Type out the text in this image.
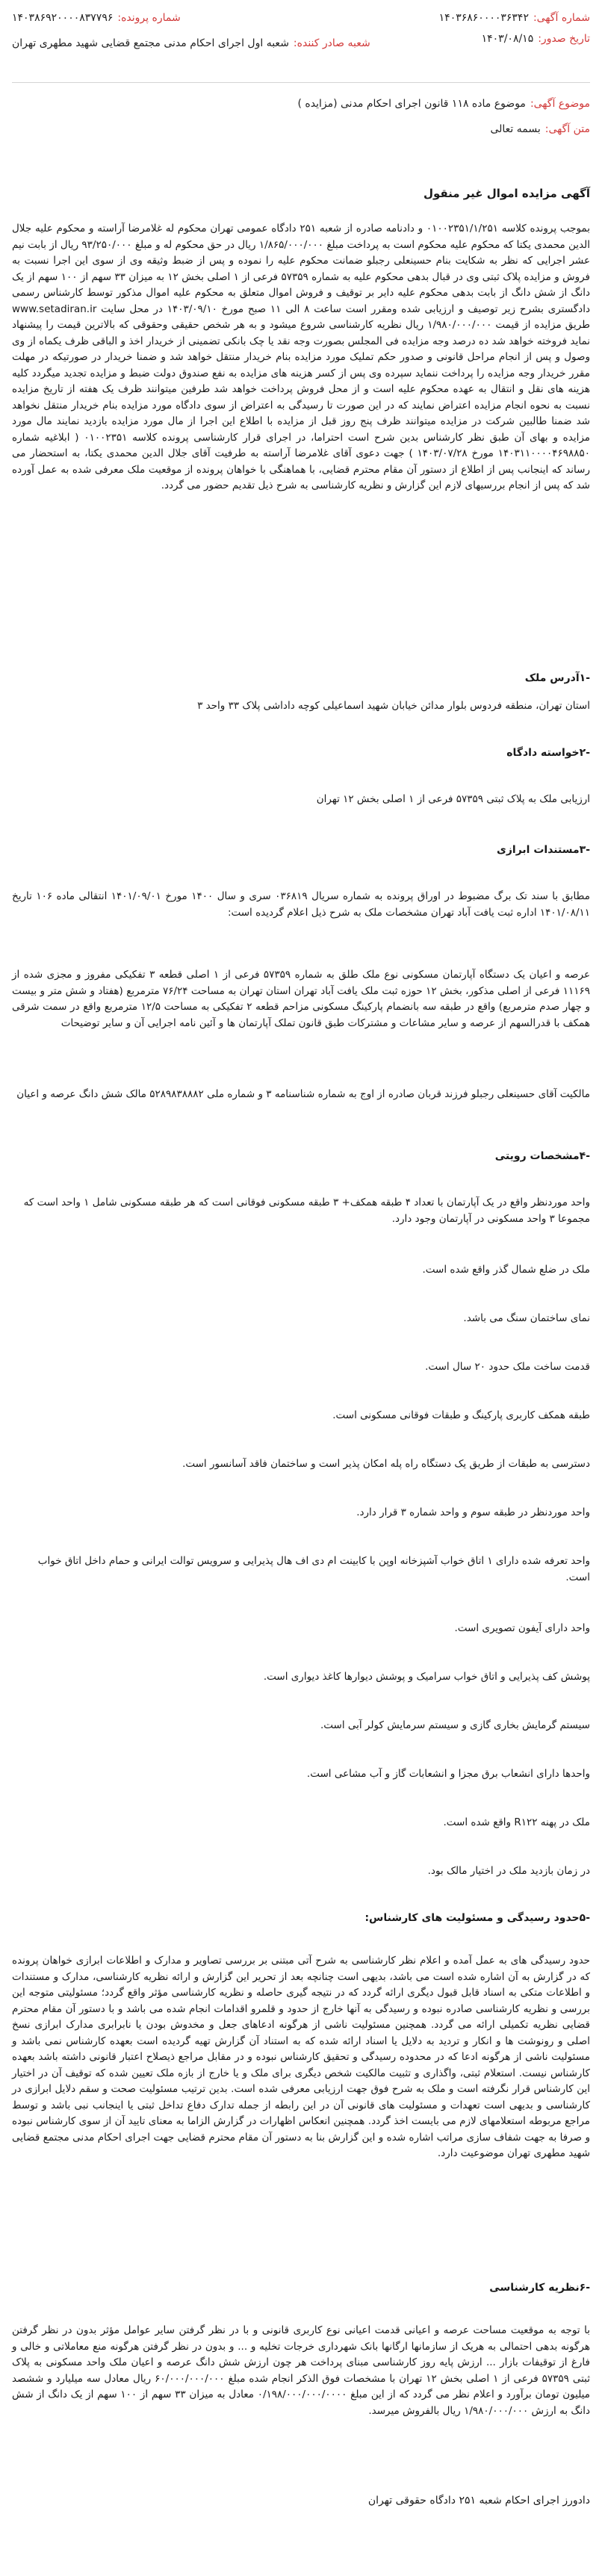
شماره آگهی:
۱۴۰۳۶۸۶۰۰۰۰۳۶۳۴۲
شماره پرونده:
۱۴۰۳۸۶۹۲۰۰۰۰۸۳۷۷۹۶
تاریخ صدور:
۱۴۰۳/۰۸/۱۵
شعبه صادر کننده:
شعبه اول اجرای احکام مدنی مجتمع قضایی شهید مطهری تهران
موضوع آگهی:
موضوع ماده ۱۱۸ قانون اجرای احکام مدنی (مزایده )
متن آگهی:
بسمه تعالی
آگهی مزایده اموال غیر منقول
بموجب پرونده کلاسه ۰۱۰۰۲۳۵۱/۱/۲۵۱ و دادنامه صادره از شعبه ۲۵۱ دادگاه عمومی تهران محکوم له غلامرضا آراسته و محکوم علیه جلال الدین محمدی یکتا که محکوم علیه محکوم است به پرداخت مبلغ ۱/۸۶۵/۰۰۰/۰۰۰ ریال در حق محکوم له و مبلغ ۹۳/۲۵۰/۰۰۰ ریال از بابت نیم عشر اجرایی که نظر به شکایت بنام حسینعلی رجبلو ضمانت محکوم علیه را نموده و پس از ضبط وثیقه وی از سوی این اجرا نسبت به فروش و مزایده پلاک ثبتی وی در قبال بدهی محکوم علیه به شماره ۵۷۳۵۹ فرعی از ۱ اصلی بخش ۱۲ به میزان ۳۳ سهم از ۱۰۰ سهم از یک دانگ از شش دانگ از بابت بدهی محکوم علیه دایر بر توقیف و فروش اموال متعلق به محکوم علیه اموال مذکور توسط کارشناس رسمی دادگستری بشرح زیر توصیف و ارزیابی شده ومقرر است ساعت ۸ الی ۱۱ صبح مورخ ۱۴۰۳/۰۹/۱۰ در محل سایت www.setadiran.ir طریق مزایده از قیمت ۱/۹۸۰/۰۰۰/۰۰۰ ریال نظریه کارشناسی شروع میشود و به هر شخص حقیقی وحقوقی که بالاترین قیمت را پیشنهاد نماید فروخته خواهد شد ده درصد وجه مزایده فی المجلس بصورت وجه نقد یا چک بانکی تضمینی از خریدار اخذ و الباقی ظرف یکماه از وی وصول و پس از انجام مراحل قانونی و صدور حکم تملیک مورد مزایده بنام خریدار منتقل خواهد شد و ضمنا خریدار در صورتیکه در مهلت مقرر خریدار وجه مزایده را پرداخت ننماید سپرده وی پس از کسر هزینه های مزایده به نفع صندوق دولت ضبط و مزایده تجدید میگردد کلیه هزینه های نقل و انتقال به عهده محکوم علیه است و از محل فروش پرداخت خواهد شد طرفین میتوانند ظرف یک هفته از تاریخ مزایده نسبت به نحوه انجام مزایده اعتراض نمایند که در این صورت تا رسیدگی به اعتراض از سوی دادگاه مورد مزایده بنام خریدار منتقل نخواهد شد ضمنا طالبین شرکت در مزایده میتوانند ظرف پنج روز قبل از مزایده با اطلاع این اجرا از مال مورد مزایده بازدید نمایند مال مورد مزایده و بهای آن طبق نظر کارشناس بدین شرح است احتراما، در اجرای قرار کارشناسی پرونده کلاسه ۰۱۰۰۲۳۵۱ ( ابلاغیه شماره ۱۴۰۳۱۱۰۰۰۰۴۶۹۸۸۵۰ مورخ ۱۴۰۳/۰۷/۲۸ ) جهت دعوی آقای غلامرضا آراسته به طرفیت آقای جلال الدین محمدی یکتا، به استحضار می رساند که اینجانب پس از اطلاع از دستور آن مقام محترم قضایی، با هماهنگی با خواهان پرونده از موقعیت ملک معرفی شده به عمل آورده شد که پس از انجام بررسیهای لازم این گزارش و نظریه کارشناسی به شرح ذیل تقدیم حضور می گردد.
-۱آدرس ملک
استان تهران، منطقه فردوس بلوار مدائن خیابان شهید اسماعیلی کوچه داداشی پلاک ۳۳ واحد ۳
-۲خواسته دادگاه
ارزیابی ملک به پلاک ثبتی ۵۷۳۵۹ فرعی از ۱ اصلی بخش ۱۲ تهران
-۳مستندات ابرازی
مطابق با سند تک برگ مضبوط در اوراق پرونده به شماره سریال ۰۳۶۸۱۹ سری و سال ۱۴۰۰ مورخ ۱۴۰۱/۰۹/۰۱ انتقالی ماده ۱۰۶ تاریخ ۱۴۰۱/۰۸/۱۱ اداره ثبت یافت آباد تهران مشخصات ملک به شرح ذیل اعلام گردیده است:
عرصه و اعیان یک دستگاه آپارتمان مسکونی نوع ملک طلق به شماره ۵۷۳۵۹ فرعی از ۱ اصلی قطعه ۳ تفکیکی مفروز و مجزی شده از ۱۱۱۶۹ فرعی از اصلی مذکور، بخش ۱۲ حوزه ثبت ملک یافت آباد تهران استان تهران به مساحت ۷۶/۲۴ مترمربع (هفتاد و شش متر و بیست و چهار صدم مترمربع) واقع در طبقه سه بانضمام پارکینگ مسکونی مزاحم قطعه ۲ تفکیکی به مساحت ۱۲/۵ مترمربع واقع در سمت شرقی همکف با قدرالسهم از عرصه و سایر مشاعات و مشترکات طبق قانون تملک آپارتمان ها و آئین نامه اجرایی آن و سایر توضیحات
مالکیت آقای حسینعلی رجبلو فرزند قربان صادره از اوج به شماره شناسنامه ۳ و شماره ملی ۵۲۸۹۸۳۸۸۸۲ مالک شش دانگ عرصه و اعیان
-۴مشخصات رویتی
واحد موردنظر واقع در یک آپارتمان با تعداد ۴ طبقه همکف+ ۳ طبقه مسکونی فوقانی است که هر طبقه مسکونی شامل ۱ واحد است که مجموعا ۳ واحد مسکونی در آپارتمان وجود دارد.
ملک در ضلع شمال گذر واقع شده است.
نمای ساختمان سنگ می باشد.
قدمت ساخت ملک حدود ۲۰ سال است.
طبقه همکف کاربری پارکینگ و طبقات فوقانی مسکونی است.
دسترسی به طبقات از طریق یک دستگاه راه پله امکان پذیر است و ساختمان فاقد آسانسور است.
واحد موردنظر در طبقه سوم و واحد شماره ۳ قرار دارد.
واحد تعرفه شده دارای ۱ اتاق خواب آشپزخانه اوپن با کابینت ام دی اف هال پذیرایی و سرویس توالت ایرانی و حمام داخل اتاق خواب است.
واحد دارای آیفون تصویری است.
پوشش کف پذیرایی و اتاق خواب سرامیک و پوشش دیوارها کاغذ دیواری است.
سیستم گرمایش بخاری گازی و سیستم سرمایش کولر آبی است.
واحدها دارای انشعاب برق مجزا و انشعابات گاز و آب مشاعی است.
ملک در پهنه R۱۲۲ واقع شده است.
در زمان بازدید ملک در اختیار مالک بود.
-۵حدود رسیدگی و مسئولیت های کارشناس:
حدود رسیدگی های به عمل آمده و اعلام نظر کارشناسی به شرح آتی مبتنی بر بررسی تصاویر و مدارک و اطلاعات ابرازی خواهان پرونده که در گزارش به آن اشاره شده است می باشد، بدیهی است چنانچه بعد از تحریر این گزارش و ارائه نظریه کارشناسی، مدارک و مستندات و اطلاعات متکی به اسناد قابل قبول دیگری ارائه گردد که در نتیجه گیری حاصله و نظریه کارشناسی مؤثر واقع گردد؛ مسئولیتی متوجه این بررسی و نظریه کارشناسی صادره نبوده و رسیدگی به آنها خارج از حدود و قلمرو اقدامات انجام شده می باشد و با دستور آن مقام محترم قضایی نظریه تکمیلی ارائه می گردد. همچنین مسئولیت ناشی از هرگونه ادعاهای جعل و مخدوش بودن یا نابرابری مدارک ابرازی نسخ اصلی و رونوشت ها و انکار و تردید به دلایل یا اسناد ارائه شده که به استناد آن گزارش تهیه گردیده است بعهده کارشناس نمی باشد و مسئولیت ناشی از هرگونه ادعا که در محدوده رسیدگی و تحقیق کارشناس نبوده و در مقابل مراجع ذیصلاح اعتبار قانونی داشته باشد بعهده کارشناس نیست. استعلام ثبتی، واگذاری و تثبیت مالکیت شخص دیگری برای ملک و یا خارج از بازه ملک تعیین شده که توقیف آن در اختیار این کارشناس قرار نگرفته است و ملک به شرح فوق جهت ارزیابی معرفی شده است. بدین ترتیب مسئولیت صحت و سقم دلایل ابرازی در کارشناسی و بدیهی است تعهدات و مسئولیت های قانونی آن در این رابطه از جمله تدارک دفاع تداخل ثبتی یا اینجانب نبی باشد و توسط مراجع مربوطه استعلامهای لازم می بایست اخذ گردد. همچنین انعکاس اظهارات در گزارش الزاما به معنای تایید آن از سوی کارشناس نبوده و صرفا به جهت شفاف سازی مراتب اشاره شده و این گزارش بنا به دستور آن مقام محترم قضایی جهت اجرای احکام مدنی مجتمع قضایی شهید مطهری تهران موضوعیت دارد.
-۶نظریه کارشناسی
با توجه به موقعیت مساحت عرصه و اعیانی قدمت اعیانی نوع کاربری قانونی و با در نظر گرفتن سایر عوامل مؤثر بدون در نظر گرفتن هرگونه بدهی احتمالی به هریک از سازمانها ارگانها بانک شهرداری خرجات تخلیه و ... و بدون در نظر گرفتن هرگونه منع معاملاتی و خالی و فارغ از توقیفات بازار ... ارزش پایه روز کارشناسی مبنای پرداخت هر چون ارزش شش دانگ عرصه و اعیان ملک واحد مسکونی به پلاک ثبتی ۵۷۳۵۹ فرعی از ۱ اصلی بخش ۱۲ تهران با مشخصات فوق الذکر انجام شده مبلغ ۶۰/۰۰۰/۰۰۰/۰۰۰ ریال معادل سه میلیارد و ششصد میلیون تومان برآورد و اعلام نظر می گردد که از این مبلغ ۰/۱۹۸/۰۰۰/۰۰۰/۰۰۰۰ معادل به میزان ۳۳ سهم از ۱۰۰ سهم از یک دانگ از شش دانگ به ارزش ۱/۹۸۰/۰۰۰/۰۰۰ ریال بالفروش میرسد.
دادورز اجرای احکام شعبه ۲۵۱ دادگاه حقوقی تهران
